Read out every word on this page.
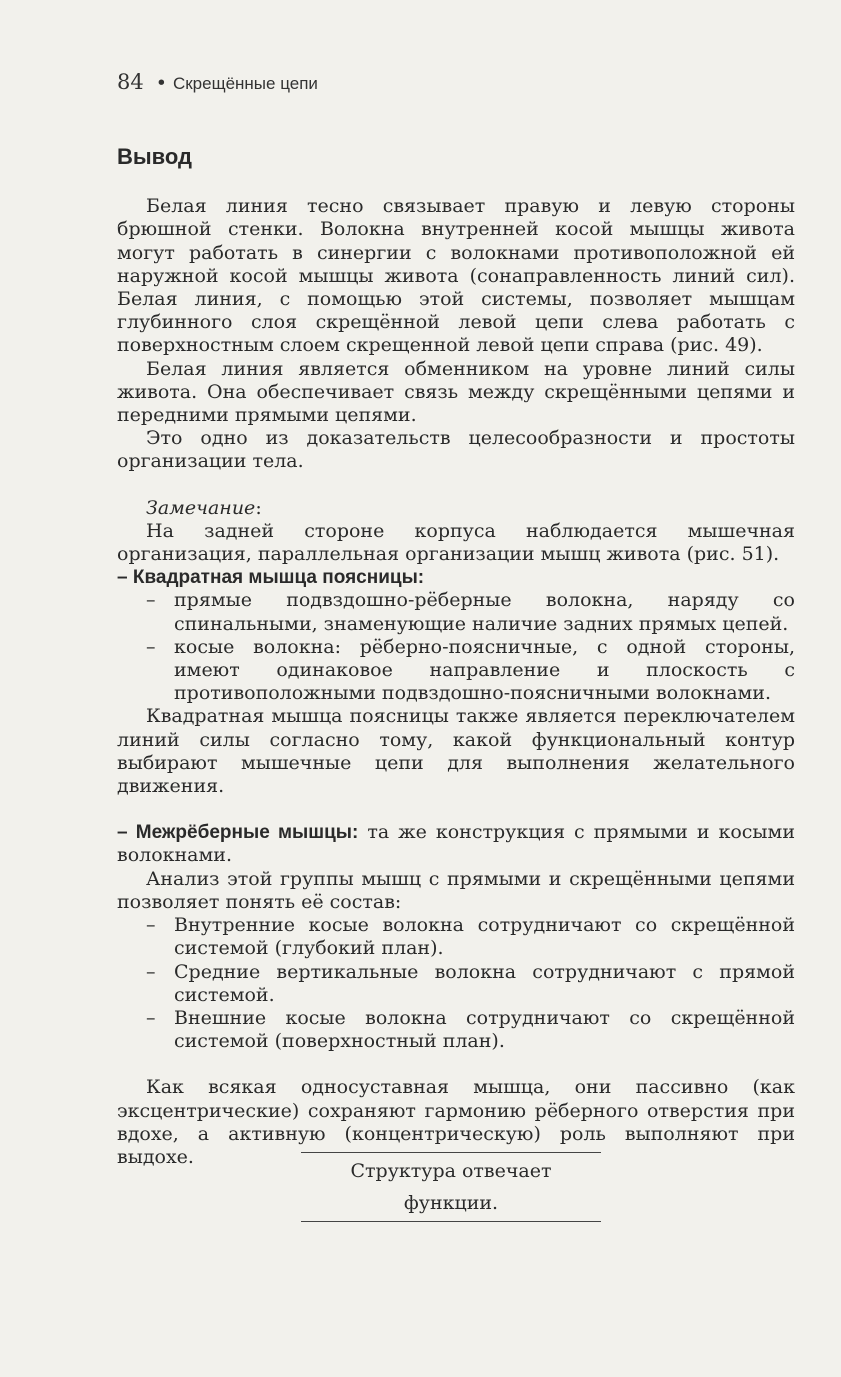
84 • Скрещённые цепи
Вывод

Белая линия тесно связывает правую и левую стороны брюшной стенки. Волокна внутренней косой мышцы живота могут работать в синергии с волокнами противоположной ей наружной косой мышцы живота (сонаправленность линий сил). Белая линия, с помощью этой системы, позволяет мышцам глубинного слоя скрещённой левой цепи слева работать с поверхностным слоем скрещенной левой цепи справа (рис. 49).

Белая линия является обменником на уровне линий силы живота. Она обеспечивает связь между скрещёнными цепями и передними прямыми цепями.

Это одно из доказательств целесообразности и простоты организации тела.

Замечание:

На задней стороне корпуса наблюдается мышечная организация, параллельная организации мышц живота (рис. 51).

– Квадратная мышца поясницы:

– прямые подвздошно-рёберные волокна, наряду со спинальными, знаменующие наличие задних прямых цепей.

– косые волокна: рёберно-поясничные, с одной стороны, имеют одинаковое направление и плоскость с противоположными подвздошно-поясничными волокнами.

Квадратная мышца поясницы также является переключателем линий силы согласно тому, какой функциональный контур выбирают мышечные цепи для выполнения желательного движения.

– Межрёберные мышцы: та же конструкция с прямыми и косыми волокнами.

Анализ этой группы мышц с прямыми и скрещёнными цепями позволяет понять её состав:

– Внутренние косые волокна сотрудничают со скрещённой системой (глубокий план).

– Средние вертикальные волокна сотрудничают с прямой системой.

– Внешние косые волокна сотрудничают со скрещённой системой (поверхностный план).

Как всякая односуставная мышца, они пассивно (как эксцентрические) сохраняют гармонию рёберного отверстия при вдохе, а активную (концентрическую) роль выполняют при выдохе.

Структура отвечает функции.
